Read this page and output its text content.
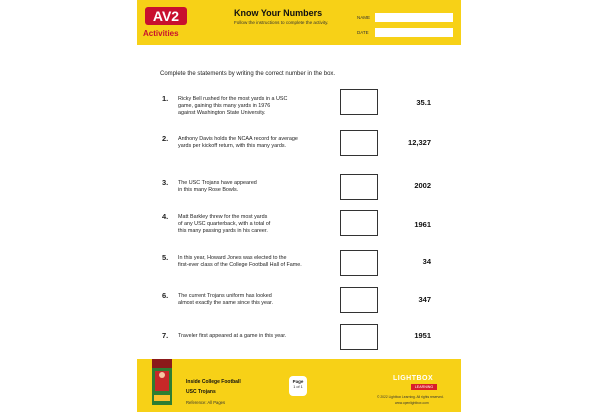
AV2
Activities
Know Your Numbers
Follow the instructions to complete the activity.
NAME
DATE
Complete the statements by writing the correct number in the box.
1. Ricky Bell rushed for the most yards in a USC
game, gaining this many yards in 1976
against Washington State University.
35.1
2. Anthony Davis holds the NCAA record for average
yards per kickoff return, with this many yards.	12,327
3. The USC Trojans have appeared
in this many Rose Bowls.	2002
4. Matt Barkley threw for the most yards
of any USC quarterback, with a total of
this many passing yards in his career.
1961
5. In this year, Howard Jones was elected to the
first-ever class of the College Football Hall of Fame.	34
6. The current Trojans uniform has looked
almost exactly the same since this year.	347
7. Traveler first appeared at a game in this year.	1951
Inside College Football
USC Trojans
Reference: All Pages
Page
1 of 1
LIGHTBOX
LEARNING
© 2022 Lightbox Learning. All rights reserved.
www.openlightbox.com
